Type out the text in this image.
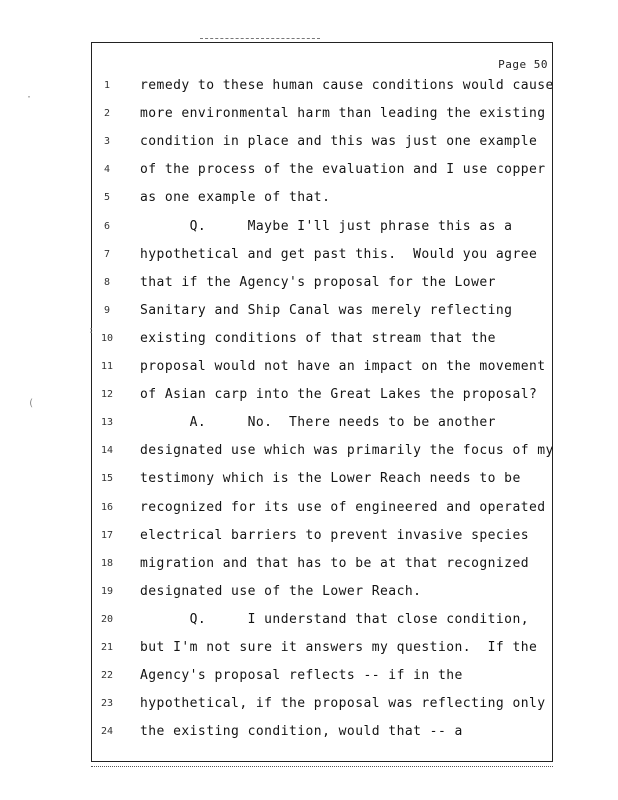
Page 50
·
(
:
1	remedy to these human cause conditions would cause
2	more environmental harm than leading the existing
3	condition in place and this was just one example
4	of the process of the evaluation and I use copper
5	as one example of that.
6	Q.     Maybe I'll just phrase this as a
7	hypothetical and get past this.  Would you agree
8	that if the Agency's proposal for the Lower
9	Sanitary and Ship Canal was merely reflecting
10	existing conditions of that stream that the
11	proposal would not have an impact on the movement
12	of Asian carp into the Great Lakes the proposal?
13	A.     No.  There needs to be another
14	designated use which was primarily the focus of my
15	testimony which is the Lower Reach needs to be
16	recognized for its use of engineered and operated
17	electrical barriers to prevent invasive species
18	migration and that has to be at that recognized
19	designated use of the Lower Reach.
20	Q.     I understand that close condition,
21	but I'm not sure it answers my question.  If the
22	Agency's proposal reflects -- if in the
23	hypothetical, if the proposal was reflecting only
24	the existing condition, would that -- a
